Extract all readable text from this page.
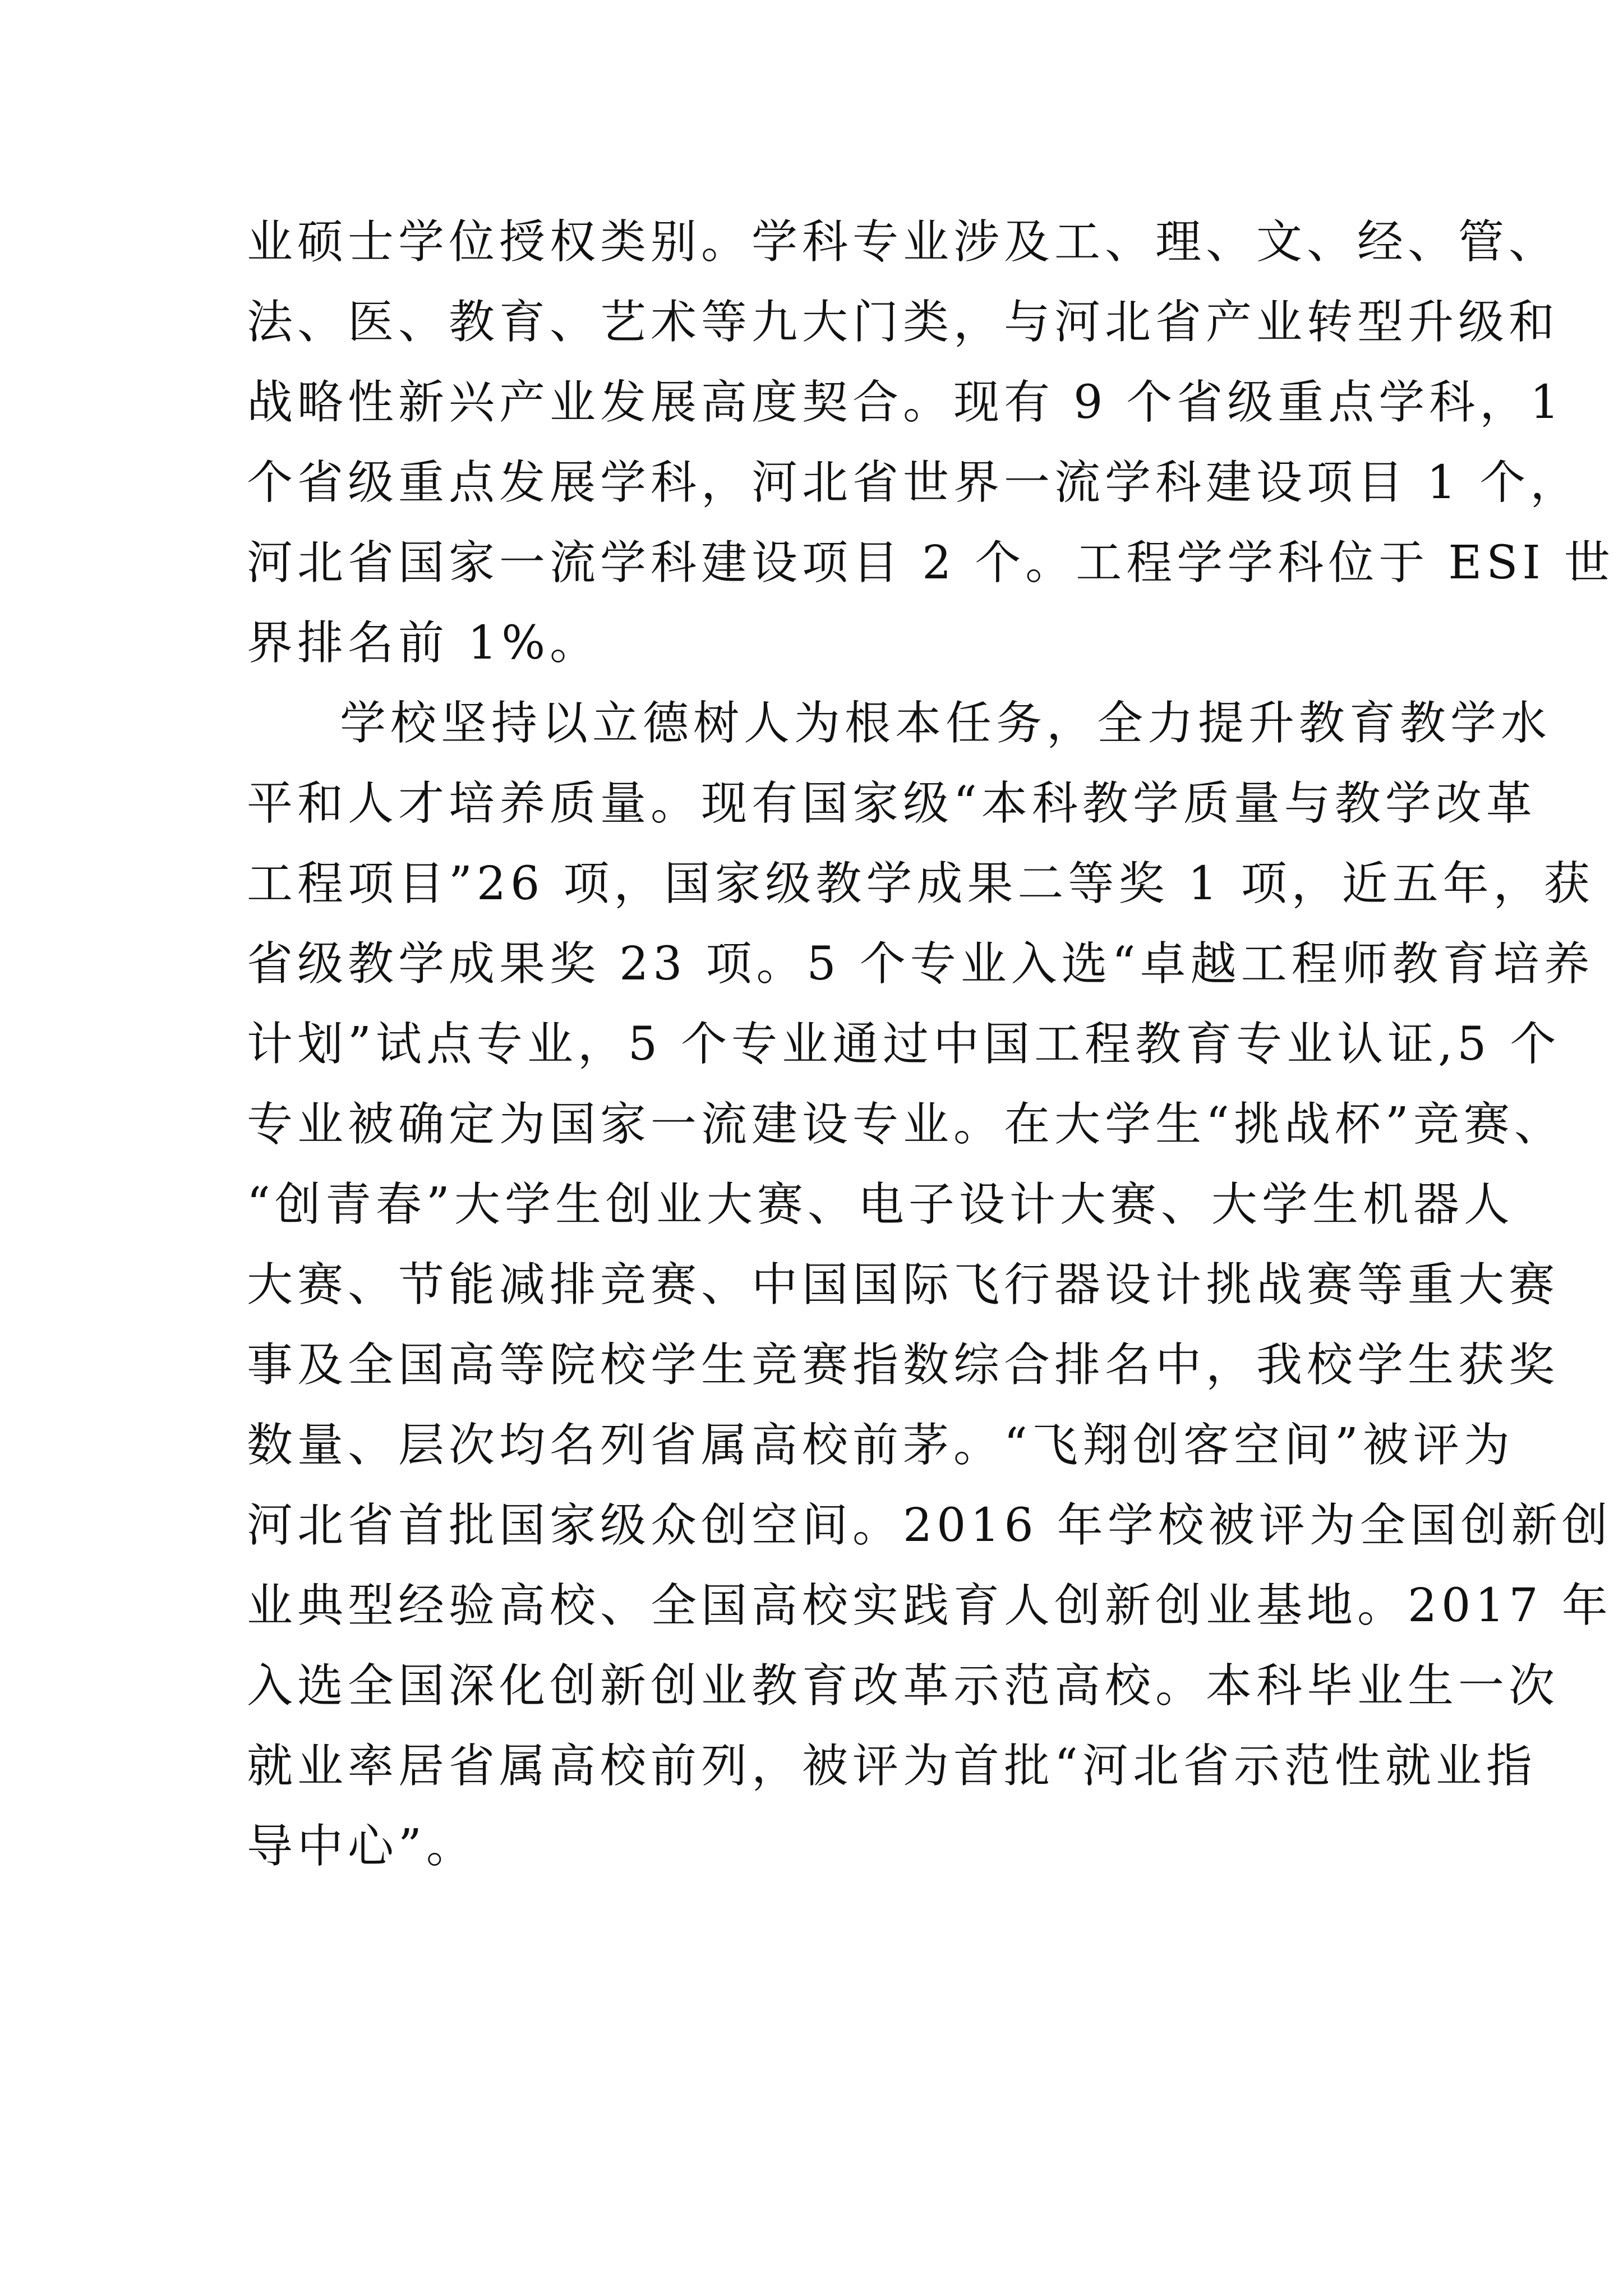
业硕士学位授权类别。学科专业涉及工、理、文、经、管、
法、医、教育、艺术等九大门类，与河北省产业转型升级和
战略性新兴产业发展高度契合。现有 9 个省级重点学科，1
个省级重点发展学科，河北省世界一流学科建设项目 1 个，
河北省国家一流学科建设项目 2 个。工程学学科位于 ESI 世
界排名前 1%。
学校坚持以立德树人为根本任务，全力提升教育教学水
平和人才培养质量。现有国家级“本科教学质量与教学改革
工程项目”26 项，国家级教学成果二等奖 1 项，近五年，获
省级教学成果奖 23 项。5 个专业入选“卓越工程师教育培养
计划”试点专业，5 个专业通过中国工程教育专业认证,5 个
专业被确定为国家一流建设专业。在大学生“挑战杯”竞赛、
“创青春”大学生创业大赛、电子设计大赛、大学生机器人
大赛、节能减排竞赛、中国国际飞行器设计挑战赛等重大赛
事及全国高等院校学生竞赛指数综合排名中，我校学生获奖
数量、层次均名列省属高校前茅。“飞翔创客空间”被评为
河北省首批国家级众创空间。2016 年学校被评为全国创新创
业典型经验高校、全国高校实践育人创新创业基地。2017 年
入选全国深化创新创业教育改革示范高校。本科毕业生一次
就业率居省属高校前列，被评为首批“河北省示范性就业指
导中心”。
